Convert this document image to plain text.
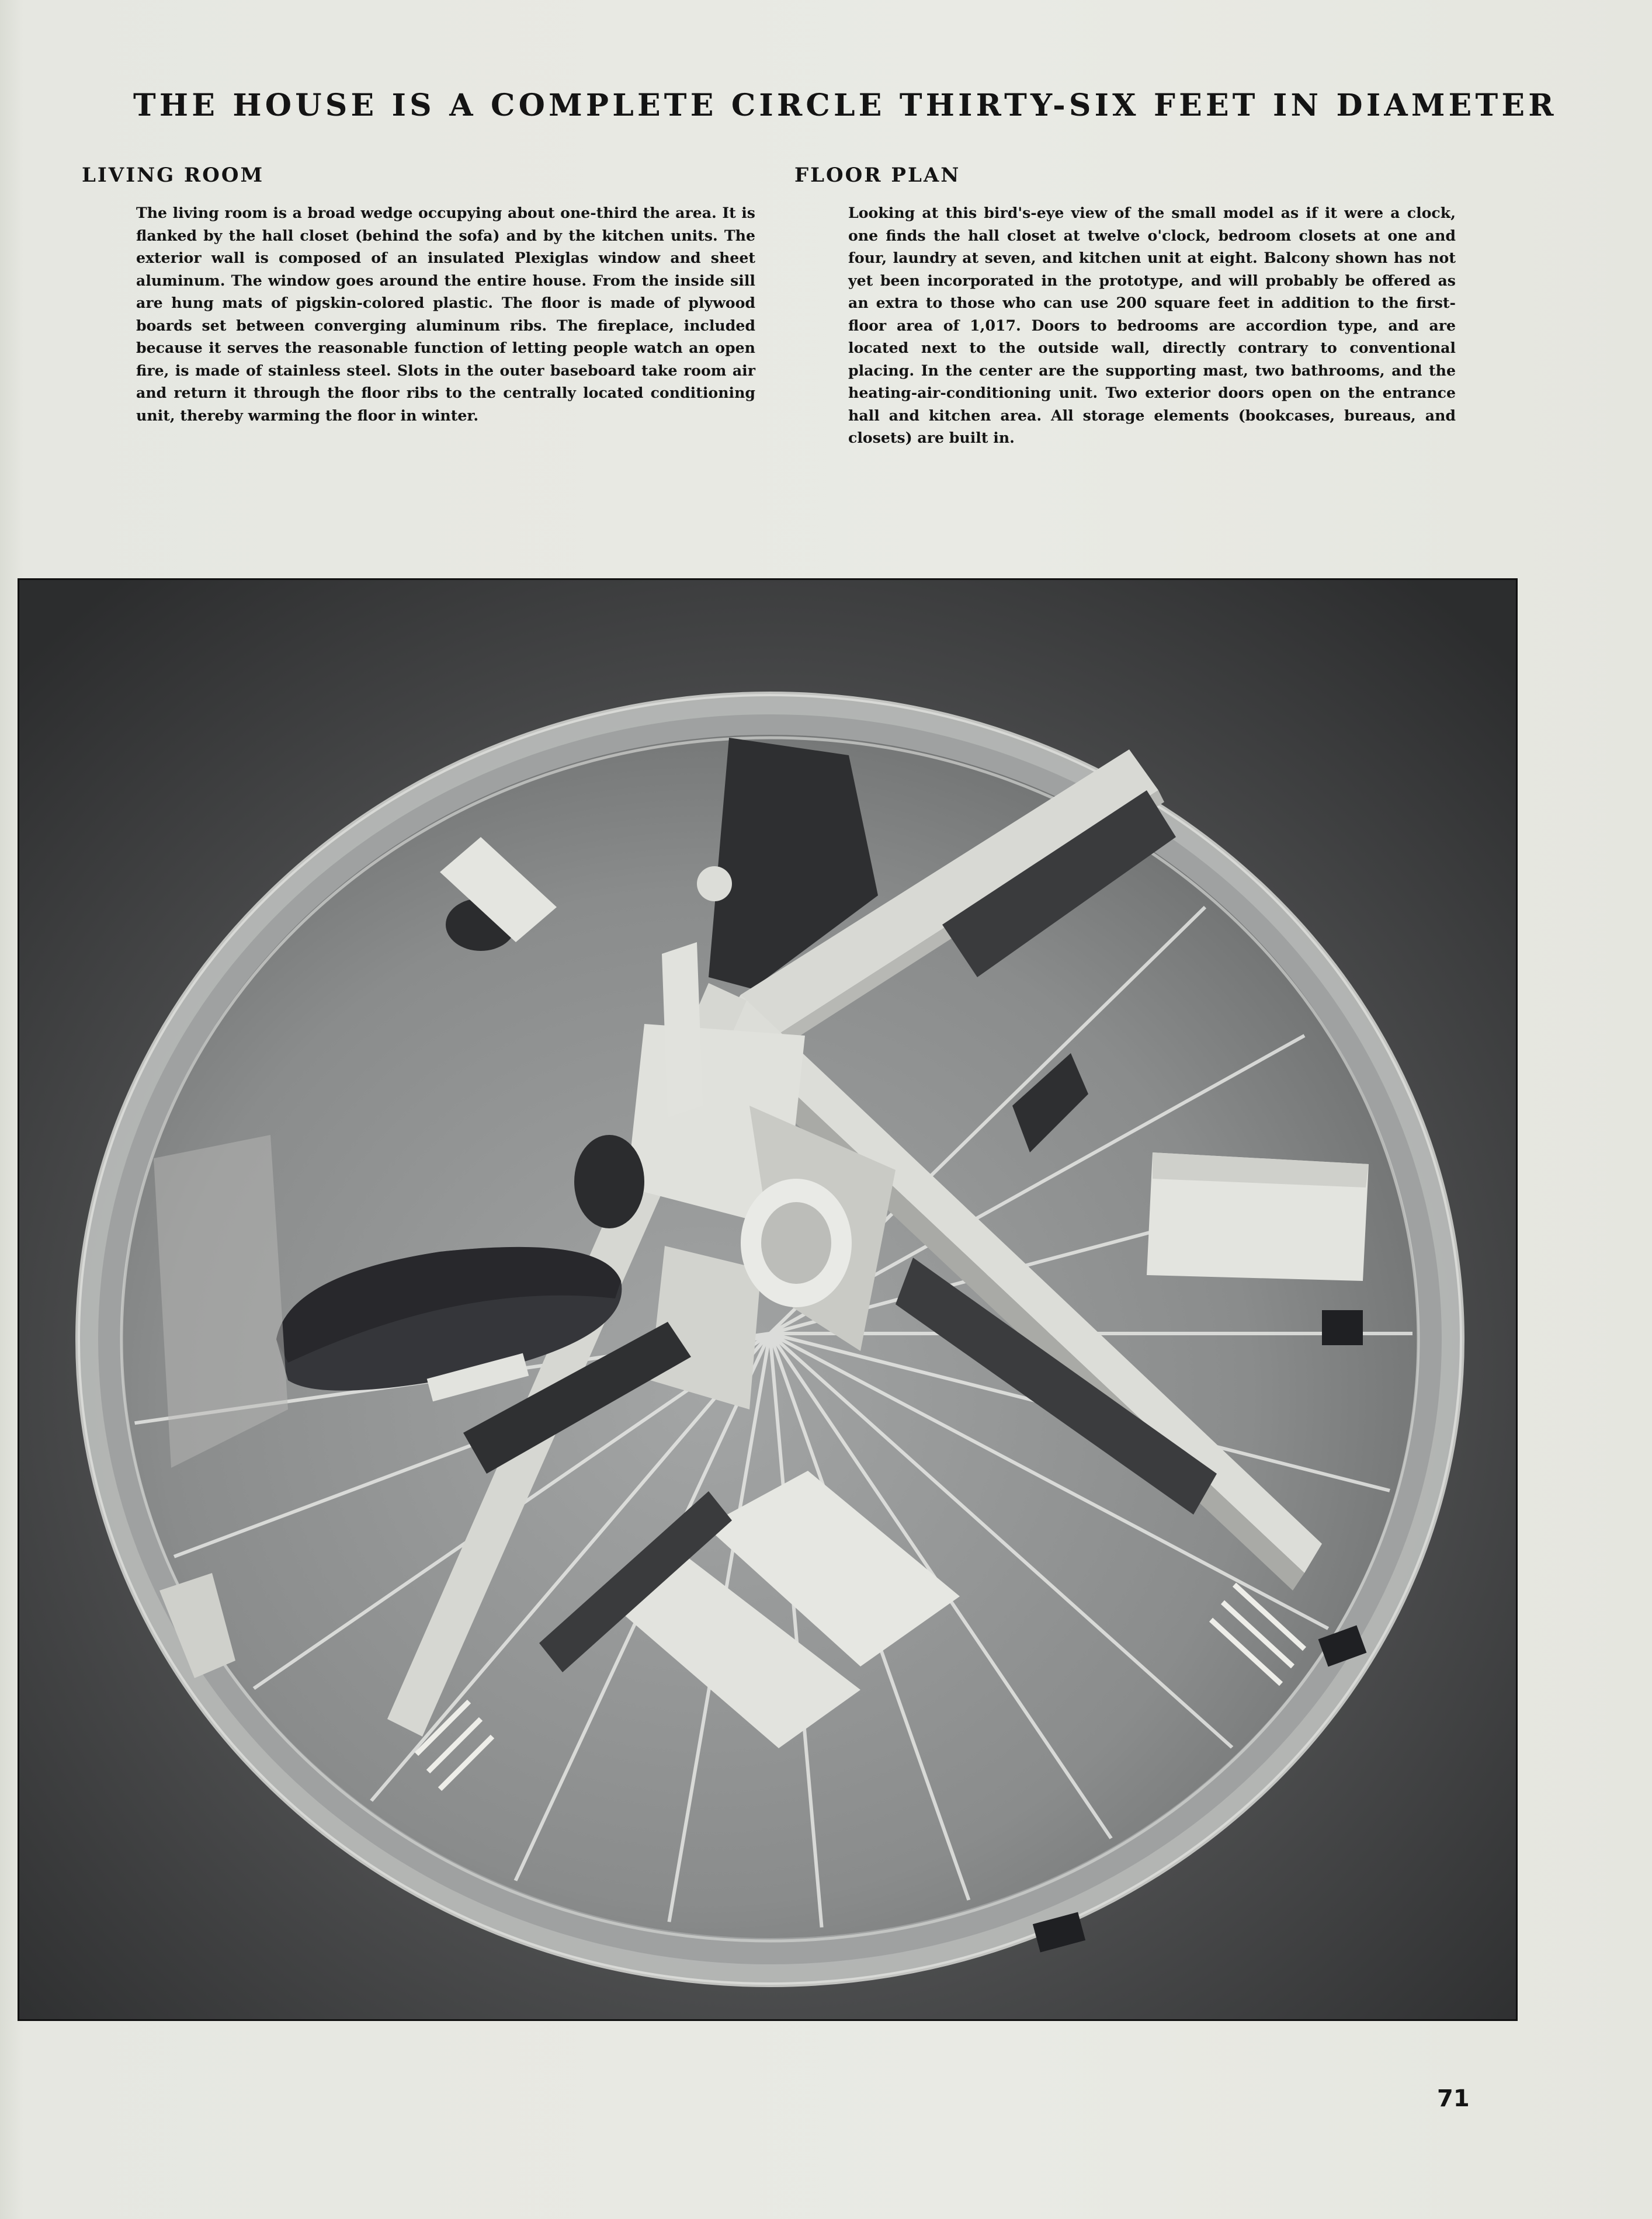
THE HOUSE IS A COMPLETE CIRCLE THIRTY-SIX FEET IN DIAMETER
LIVING ROOM

The living room is a broad wedge occupying about one-third the area. It is flanked by the hall closet (behind the sofa) and by the kitchen units. The exterior wall is composed of an insulated Plexiglas window and sheet aluminum. The window goes around the entire house. From the inside sill are hung mats of pigskin-colored plastic. The floor is made of plywood boards set between converging aluminum ribs. The fireplace, included because it serves the reasonable function of letting people watch an open fire, is made of stainless steel. Slots in the outer baseboard take room air and return it through the floor ribs to the centrally located conditioning unit, thereby warming the floor in winter.

FLOOR PLAN

Looking at this bird's-eye view of the small model as if it were a clock, one finds the hall closet at twelve o'clock, bedroom closets at one and four, laundry at seven, and kitchen unit at eight. Balcony shown has not yet been incorporated in the prototype, and will probably be offered as an extra to those who can use 200 square feet in addition to the first-floor area of 1,017. Doors to bedrooms are accordion type, and are located next to the outside wall, directly contrary to conventional placing. In the center are the supporting mast, two bathrooms, and the heating-air-conditioning unit. Two exterior doors open on the entrance hall and kitchen area. All storage elements (bookcases, bureaus, and closets) are built in.

71
